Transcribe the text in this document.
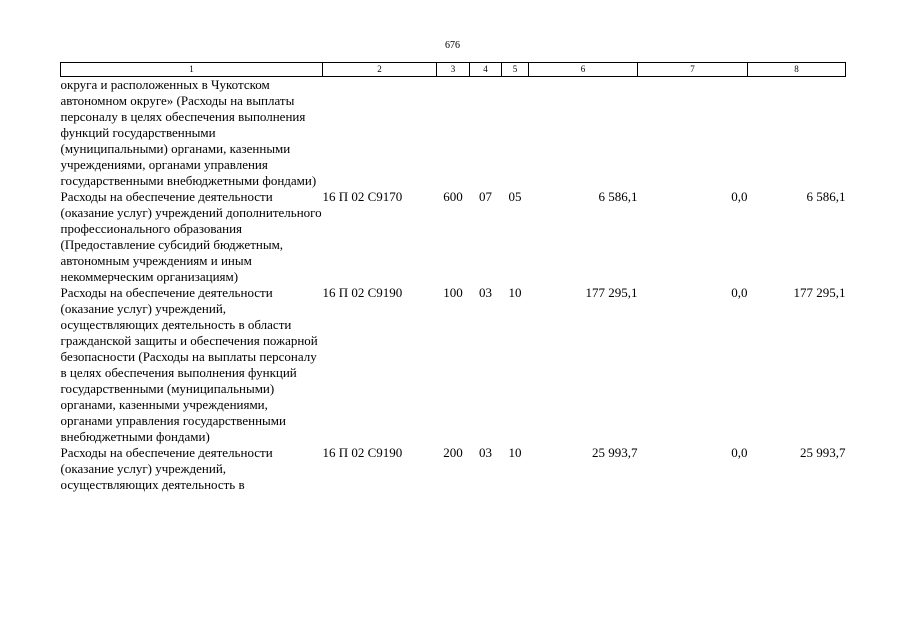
676
1	2	3	4	5	6	7	8
округа и расположенных в Чукотском автономном округе» (Расходы на выплаты персоналу в целях обеспечения выполнения функций государственными (муниципальными) органами, казенными учреждениями, органами управления государственными внебюджетными фондами)							
Расходы на обеспечение деятельности (оказание услуг) учреждений дополнительного профессионального образования (Предоставление субсидий бюджетным, автономным учреждениям и иным некоммерческим организациям)	16 П 02 С9170	600	07	05	6 586,1	0,0	6 586,1
Расходы на обеспечение деятельности (оказание услуг) учреждений, осуществляющих деятельность в области гражданской защиты и обеспечения пожарной безопасности (Расходы на выплаты персоналу в целях обеспечения выполнения функций государственными (муниципальными) органами, казенными учреждениями, органами управления государственными внебюджетными фондами)	16 П 02 С9190	100	03	10	177 295,1	0,0	177 295,1
Расходы на обеспечение деятельности (оказание услуг) учреждений, осуществляющих деятельность в	16 П 02 С9190	200	03	10	25 993,7	0,0	25 993,7
